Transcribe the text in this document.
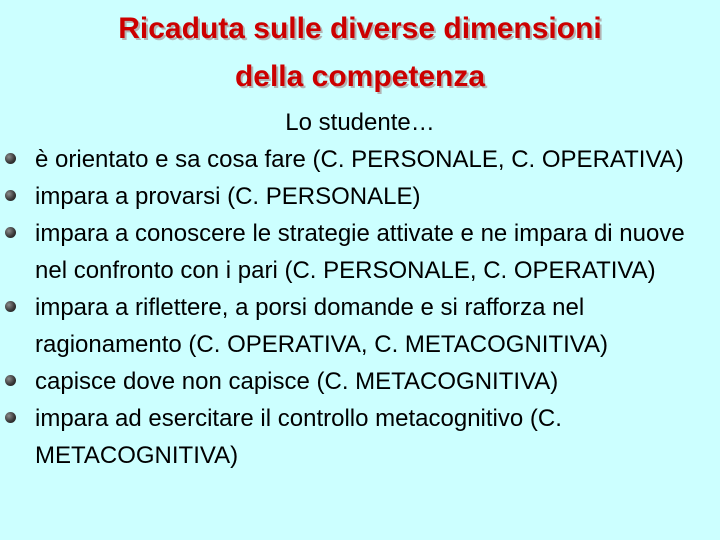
Ricaduta sulle diverse dimensioni
della competenza

Lo studente…

è orientato e sa cosa fare (C. PERSONALE, C. OPERATIVA)
impara a provarsi (C. PERSONALE)
impara a conoscere le strategie attivate e ne impara di nuove nel confronto con i pari (C. PERSONALE, C. OPERATIVA)
impara a riflettere, a porsi domande e si rafforza nel ragionamento (C. OPERATIVA, C. METACOGNITIVA)
capisce dove non capisce (C. METACOGNITIVA)
impara ad esercitare il controllo metacognitivo (C. METACOGNITIVA)
